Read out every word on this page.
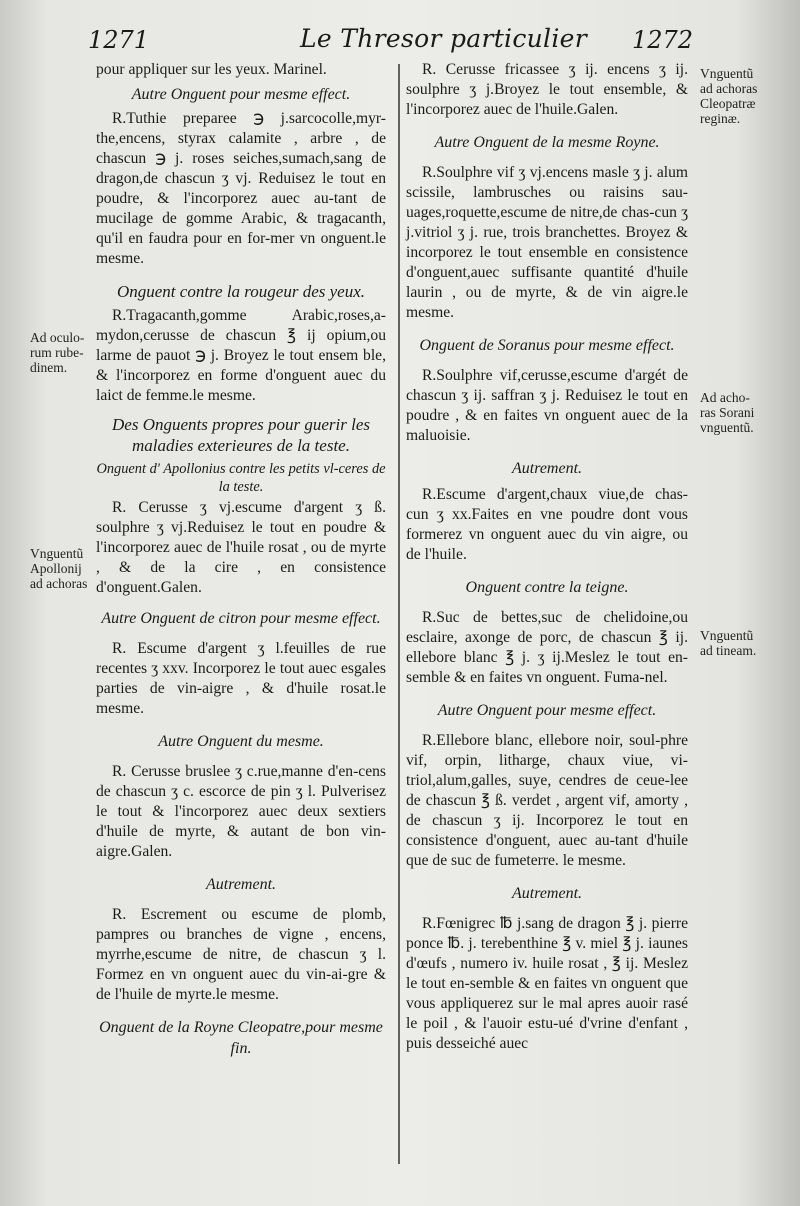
1271	Le Thresor particulier 1272

pour appliquer sur les yeux. Marinel.

Autre Onguent pour mesme effect.

R.Tuthie preparee ℈ j.sarcocolle,myr-the,encens, styrax calamite , arbre , de chascun ℈ j. roses seiches,sumach,sang de dragon,de chascun ʒ vj. Reduisez le tout en poudre, & l'incorporez auec au-tant de mucilage de gomme Arabic, & tragacanth, qu'il en faudra pour en for-mer vn onguent.le mesme.

Onguent contre la rougeur des yeux.

R.Tragacanth,gomme Arabic,roses,a-mydon,cerusse de chascun ℥ ij opium,ou larme de pauot ℈ j. Broyez le tout ensem ble, & l'incorporez en forme d'onguent auec du laict de femme.le mesme.

Des Onguents propres pour guerir les maladies exterieures de la teste.

Onguent d' Apollonius contre les petits vl-ceres de la teste.

R. Cerusse ʒ vj.escume d'argent ʒ ß. soulphre ʒ vj.Reduisez le tout en poudre & l'incorporez auec de l'huile rosat , ou de myrte , & de la cire , en consistence d'onguent.Galen.

Autre Onguent de citron pour mesme effect.

R. Escume d'argent ʒ l.feuilles de rue recentes ʒ xxv. Incorporez le tout auec esgales parties de vin-aigre , & d'huile rosat.le mesme.

Autre Onguent du mesme.

R. Cerusse bruslee ʒ c.rue,manne d'en-cens de chascun ʒ c. escorce de pin ʒ l. Pulverisez le tout & l'incorporez auec deux sextiers d'huile de myrte, & autant de bon vin-aigre.Galen.

Autrement.

R. Escrement ou escume de plomb, pampres ou branches de vigne , encens, myrrhe,escume de nitre, de chascun ʒ l. Formez en vn onguent auec du vin-ai-gre & de l'huile de myrte.le mesme.

Onguent de la Royne Cleopatre,pour mesme fin.

R. Cerusse fricassee ʒ ij. encens ʒ ij. soulphre ʒ j.Broyez le tout ensemble, & l'incorporez auec de l'huile.Galen.

Autre Onguent de la mesme Royne.

R.Soulphre vif ʒ vj.encens masle ʒ j. alum scissile, lambrusches ou raisins sau-uages,roquette,escume de nitre,de chas-cun ʒ j.vitriol ʒ j. rue, trois branchettes. Broyez & incorporez le tout ensemble en consistence d'onguent,auec suffisante quantité d'huile laurin , ou de myrte, & de vin aigre.le mesme.

Onguent de Soranus pour mesme effect.

R.Soulphre vif,cerusse,escume d'argét de chascun ʒ ij. saffran ʒ j. Reduisez le tout en poudre , & en faites vn onguent auec de la maluoisie.

Autrement.

R.Escume d'argent,chaux viue,de chas-cun ʒ xx.Faites en vne poudre dont vous formerez vn onguent auec du vin aigre, ou de l'huile.

Onguent contre la teigne.

R.Suc de bettes,suc de chelidoine,ou esclaire, axonge de porc, de chascun ℥ ij. ellebore blanc ℥ j. ʒ ij.Meslez le tout en-semble & en faites vn onguent. Fuma-nel.

Autre Onguent pour mesme effect.

R.Ellebore blanc, ellebore noir, soul-phre vif, orpin, litharge, chaux viue, vi-triol,alum,galles, suye, cendres de ceue-lee de chascun ℥ ß. verdet , argent vif, amorty , de chascun ʒ ij. Incorporez le tout en consistence d'onguent, auec au-tant d'huile que de suc de fumeterre. le mesme.

Autrement.

R.Fœnigrec ℔ j.sang de dragon ℥ j. pierre ponce ℔. j. terebenthine ℥ v. miel ℥ j. iaunes d'œufs , numero iv. huile rosat , ℥ ij. Meslez le tout en-semble & en faites vn onguent que vous appliquerez sur le mal apres auoir rasé le poil , & l'auoir estu-ué d'vrine d'enfant , puis desseiché auec

Ad oculo-
rum rube-
dinem.
Vnguentũ
Apollonij
ad achoras
Vnguentũ
ad achoras
Cleopatræ
reginæ.
Ad acho-
ras Sorani
vnguentũ.
Vnguentũ
ad tineam.
